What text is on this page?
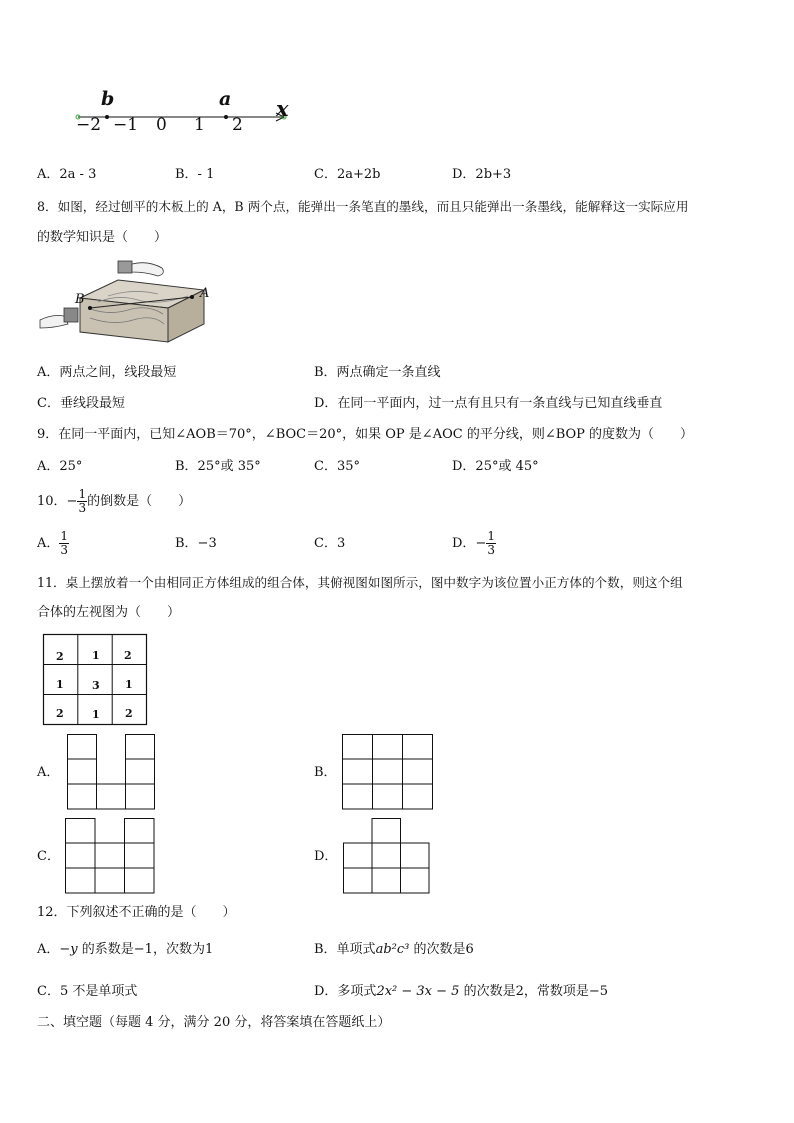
b	a x
−2 −1 0 1 2
A．2a - 3	B．- 1	C．2a+2b	D．2b+3
8．如图，经过刨平的木板上的 A，B 两个点，能弹出一条笔直的墨线，而且只能弹出一条墨线，能解释这一实际应用
的数学知识是（　　）
A
B
A．两点之间，线段最短	B．两点确定一条直线
C．垂线段最短	D．在同一平面内，过一点有且只有一条直线与已知直线垂直
9．在同一平面内，已知∠AOB＝70°，∠BOC＝20°，如果 OP 是∠AOC 的平分线，则∠BOP 的度数为（　　）
A．25°	B．25°或 35°	C．35°	D．25°或 45°
10．− $\frac{1}{3}$ 的倒数是（　　）
A． $\frac{1}{3}$	B．−3	C．3	D．− $\frac{1}{3}$
11．桌上摆放着一个由相同正方体组成的组合体，其俯视图如图所示，图中数字为该位置小正方体的个数，则这个组
合体的左视图为（　　）
2	1 2
1	3 1
2	1 2
A．	B．
C．	D．
12．下列叙述不正确的是（　　）
A．−y 的系数是−1，次数为1	B．单项式ab²c³ 的次数是6
C．5 不是单项式	D．多项式2x² − 3x − 5 的次数是2，常数项是−5
二、填空题（每题 4 分，满分 20 分，将答案填在答题纸上）
